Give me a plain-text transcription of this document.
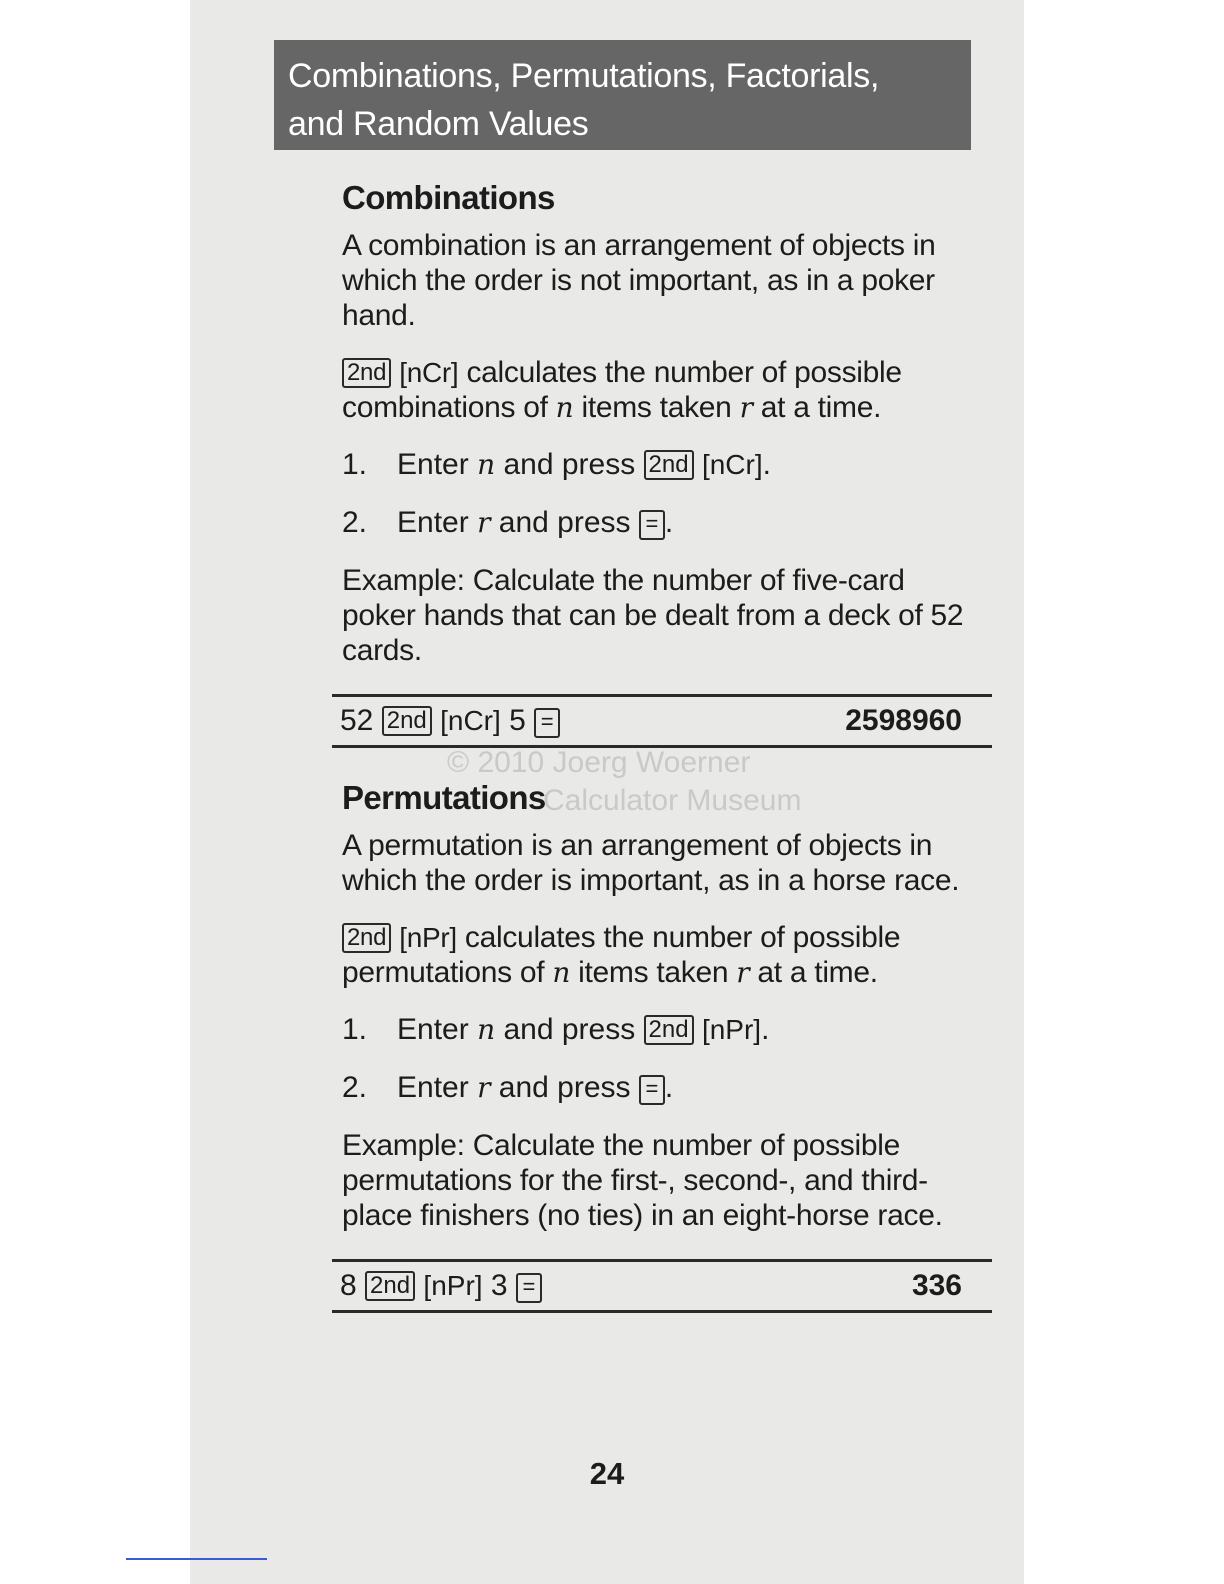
Combinations, Permutations, Factorials,
and Random Values
Combinations
A combination is an arrangement of objects in which the order is not important, as in a poker hand.
2nd [nCr] calculates the number of possible combinations of n items taken r at a time.
1. Enter n and press 2nd [nCr].
2. Enter r and press = .
Example: Calculate the number of five-card poker hands that can be dealt from a deck of 52 cards.
52 2nd [nCr] 5 =	2598960
Permutations
A permutation is an arrangement of objects in which the order is important, as in a horse race.
2nd [nPr] calculates the number of possible permutations of n items taken r at a time.
1. Enter n and press 2nd [nPr].
2. Enter r and press = .
Example: Calculate the number of possible permutations for the first-, second-, and third-place finishers (no ties) in an eight-horse race.
8 2nd [nPr] 3 =	336
24
© 2010 Joerg Woerner
Calculator Museum
